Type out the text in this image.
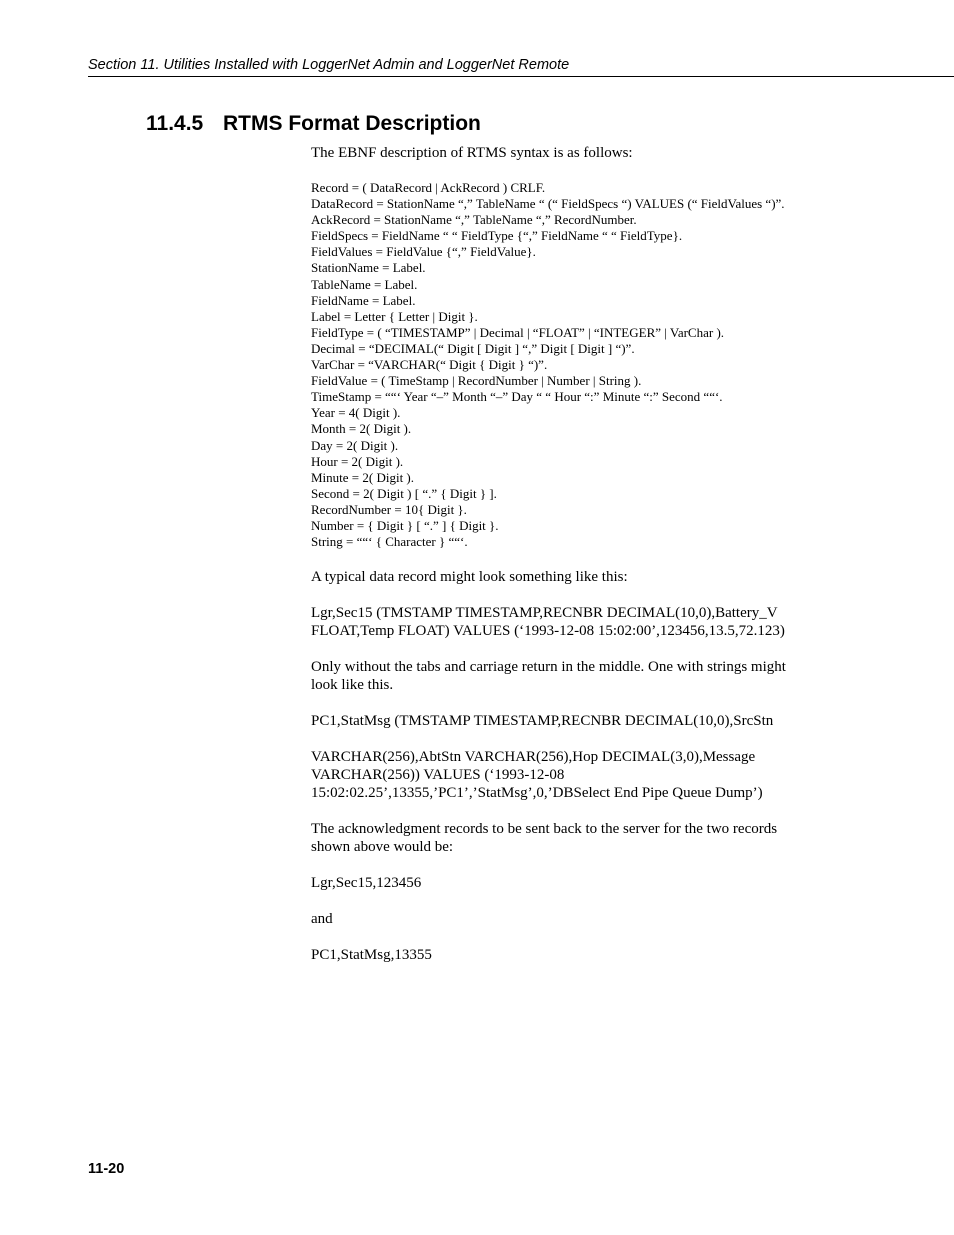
Section 11. Utilities Installed with LoggerNet Admin and LoggerNet Remote
11.4.5 RTMS Format Description

The EBNF description of RTMS syntax is as follows:

Record = ( DataRecord | AckRecord ) CRLF.
DataRecord = StationName “,” TableName “ (“ FieldSpecs “) VALUES (“ FieldValues “)”.
AckRecord = StationName “,” TableName “,” RecordNumber.
FieldSpecs = FieldName “ “ FieldType {“,” FieldName “ “ FieldType}.
FieldValues = FieldValue {“,” FieldValue}.
StationName = Label.
TableName = Label.
FieldName = Label.
Label = Letter { Letter | Digit }.
FieldType = ( “TIMESTAMP” | Decimal | “FLOAT” | “INTEGER” | VarChar ).
Decimal = “DECIMAL(“ Digit [ Digit ] “,” Digit [ Digit ] “)”.
VarChar = “VARCHAR(“ Digit { Digit } “)”.
FieldValue = ( TimeStamp | RecordNumber | Number | String ).
TimeStamp = ““‘ Year “–” Month “–” Day “ “ Hour “:” Minute “:” Second ““‘.
Year = 4( Digit ).
Month = 2( Digit ).
Day = 2( Digit ).
Hour = 2( Digit ).
Minute = 2( Digit ).
Second = 2( Digit ) [ “.” { Digit } ].
RecordNumber = 10{ Digit }.
Number = { Digit } [ “.” ] { Digit }.
String = ““‘ { Character } ““‘.

A typical data record might look something like this:

Lgr,Sec15 (TMSTAMP TIMESTAMP,RECNBR DECIMAL(10,0),Battery_V FLOAT,Temp FLOAT) VALUES (‘1993-12-08 15:02:00’,123456,13.5,72.123)

Only without the tabs and carriage return in the middle. One with strings might look like this.

PC1,StatMsg (TMSTAMP TIMESTAMP,RECNBR DECIMAL(10,0),SrcStn

VARCHAR(256),AbtStn VARCHAR(256),Hop DECIMAL(3,0),Message VARCHAR(256)) VALUES (‘1993-12-08 15:02:02.25’,13355,’PC1’,’StatMsg’,0,’DBSelect End Pipe Queue Dump’)

The acknowledgment records to be sent back to the server for the two records shown above would be:

Lgr,Sec15,123456

and

PC1,StatMsg,13355

11-20
